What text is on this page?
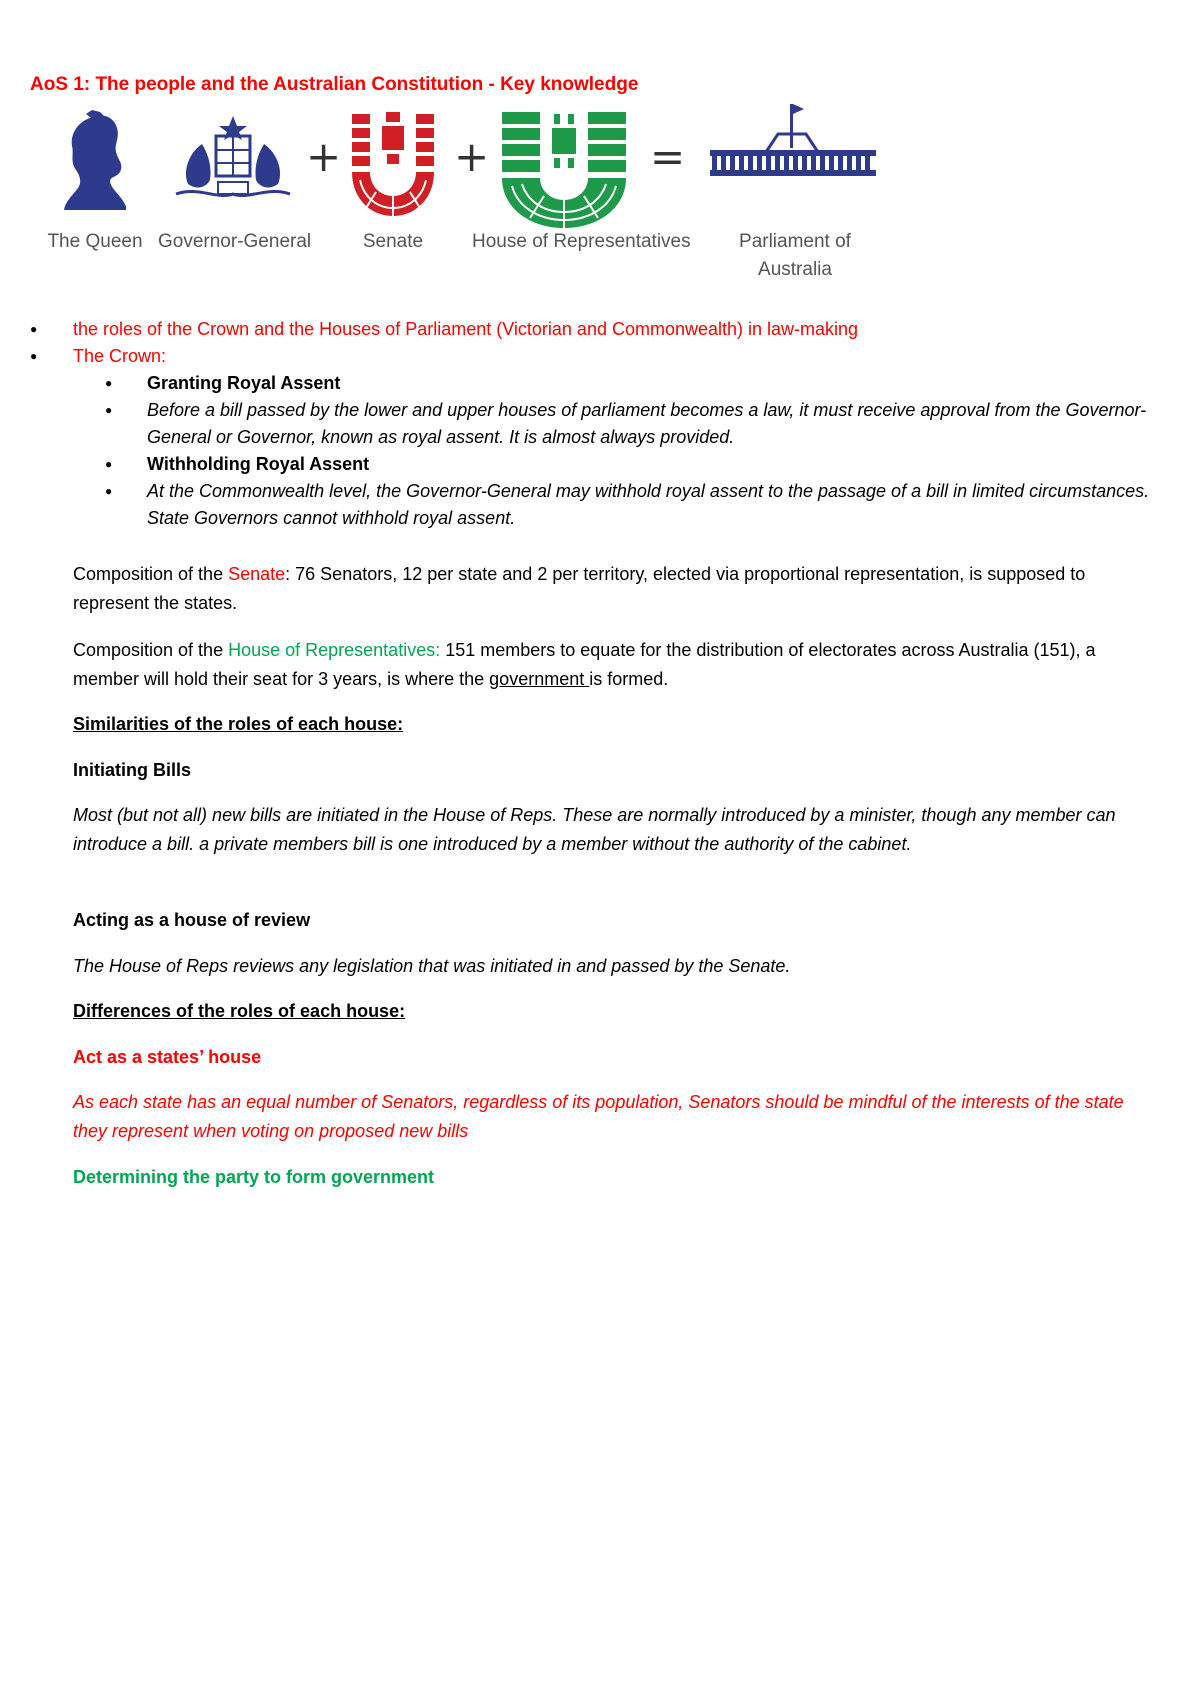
AoS 1: The people and the Australian Constitution - Key knowledge
The Queen Governor-General
+
Senate
+
House of Representatives
=
Parliament of Australia
● the roles of the Crown and the Houses of Parliament (Victorian and Commonwealth) in law-making
● The Crown:
● Granting Royal Assent
● Before a bill passed by the lower and upper houses of parliament becomes a law, it must receive approval from the Governor-General or Governor, known as royal assent. It is almost always provided.
● Withholding Royal Assent
● At the Commonwealth level, the Governor-General may withhold royal assent to the passage of a bill in limited circumstances. State Governors cannot withhold royal assent.
Composition of the Senate: 76 Senators, 12 per state and 2 per territory, elected via proportional representation, is supposed to represent the states.
Composition of the House of Representatives: 151 members to equate for the distribution of electorates across Australia (151), a member will hold their seat for 3 years, is where the government is formed.
Similarities of the roles of each house:
Initiating Bills
Most (but not all) new bills are initiated in the House of Reps. These are normally introduced by a minister, though any member can introduce a bill. a private members bill is one introduced by a member without the authority of the cabinet.
Acting as a house of review
The House of Reps reviews any legislation that was initiated in and passed by the Senate.
Differences of the roles of each house:
Act as a states’ house
As each state has an equal number of Senators, regardless of its population, Senators should be mindful of the interests of the state they represent when voting on proposed new bills
Determining the party to form government
